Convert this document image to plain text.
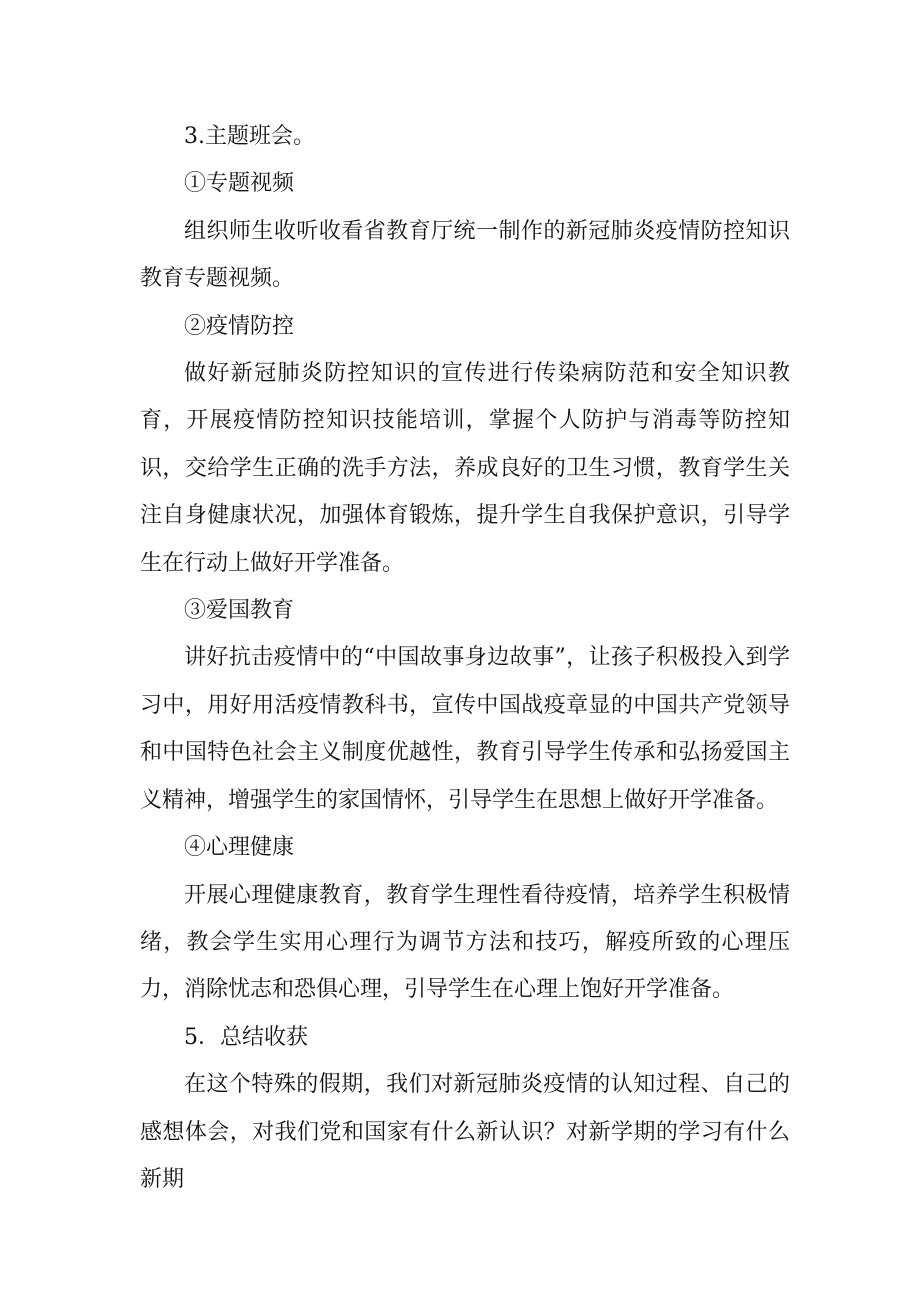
3.主题班会。

①专题视频

组织师生收听收看省教育厅统一制作的新冠肺炎疫情防控知识教育专题视频。

②疫情防控

做好新冠肺炎防控知识的宣传进行传染病防范和安全知识教育，开展疫情防控知识技能培训，掌握个人防护与消毒等防控知识，交给学生正确的洗手方法，养成良好的卫生习惯，教育学生关注自身健康状况，加强体育锻炼，提升学生自我保护意识，引导学生在行动上做好开学准备。

③爱国教育

讲好抗击疫情中的“中国故事身边故事”，让孩子积极投入到学习中，用好用活疫情教科书，宣传中国战疫章显的中国共产党领导和中国特色社会主义制度优越性，教育引导学生传承和弘扬爱国主义精神，增强学生的家国情怀，引导学生在思想上做好开学准备。

④心理健康

开展心理健康教育，教育学生理性看待疫情，培养学生积极情绪，教会学生实用心理行为调节方法和技巧，解疫所致的心理压力，消除忧志和恐俱心理，引导学生在心理上饱好开学准备。

5．总结收获

在这个特殊的假期，我们对新冠肺炎疫情的认知过程、自己的感想体会，对我们党和国家有什么新认识？对新学期的学习有什么新期
